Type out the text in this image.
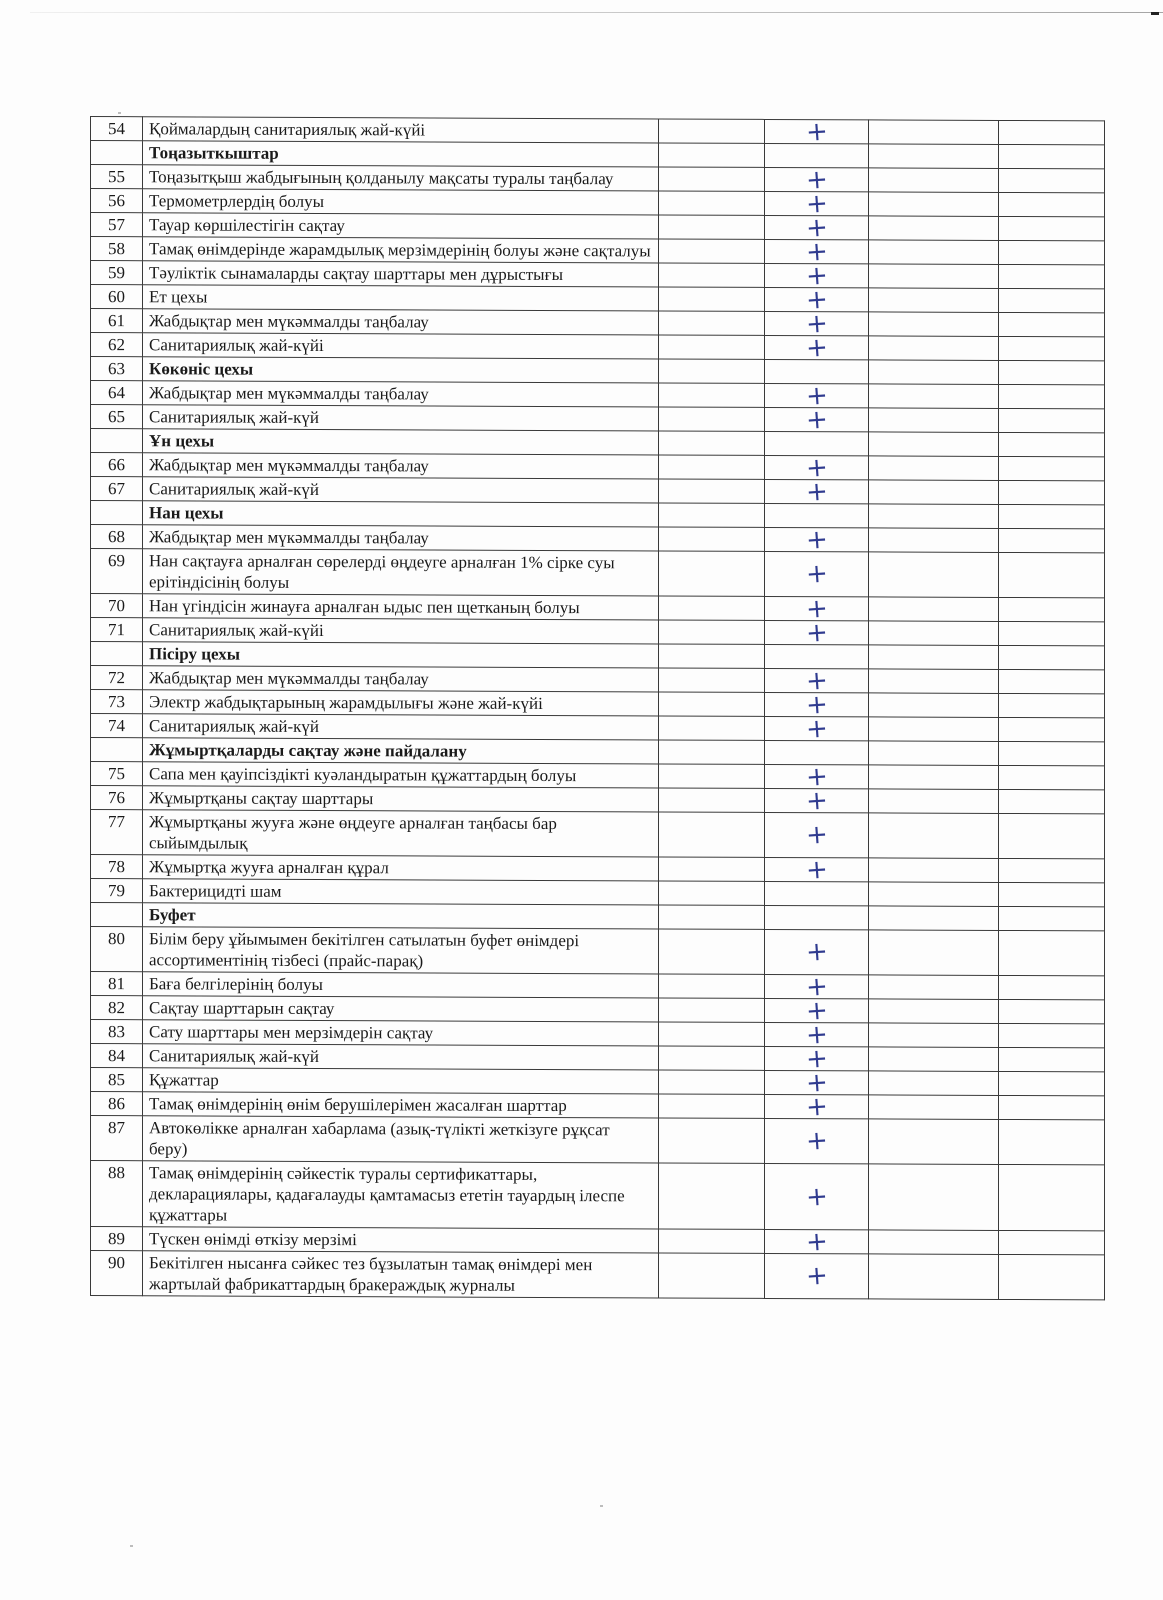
54	Қоймалардың санитариялық жай-күйі		+		
	Тоңазыткыштар				
55	Тоңазытқыш жабдығының қолданылу мақсаты туралы таңбалау		+		
56	Термометрлердің болуы		+		
57	Тауар көршілестігін сақтау		+		
58	Тамақ өнімдерінде жарамдылық мерзімдерінің болуы және сақталуы		+		
59	Тәуліктік сынамаларды сақтау шарттары мен дұрыстығы		+		
60	Ет цехы		+		
61	Жабдықтар мен мүкәммалды таңбалау		+		
62	Санитариялық жай-күйі		+		
63	Көкөніс цехы				
64	Жабдықтар мен мүкәммалды таңбалау		+		
65	Санитариялық жай-күй		+		
	Ұн цехы				
66	Жабдықтар мен мүкәммалды таңбалау		+		
67	Санитариялық жай-күй		+		
	Нан цехы				
68	Жабдықтар мен мүкәммалды таңбалау		+		
69	Нан сақтауға арналған сөрелерді өңдеуге арналған 1% сірке суы ерітіндісінің болуы		+		
70	Нан үгіндісін жинауға арналған ыдыс пен щетканың болуы		+		
71	Санитариялық жай-күйі		+		
	Пісіру цехы				
72	Жабдықтар мен мүкәммалды таңбалау		+		
73	Электр жабдықтарының жарамдылығы және жай-күйі		+		
74	Санитариялық жай-күй		+		
	Жұмыртқаларды сақтау және пайдалану				
75	Сапа мен қауіпсіздікті куәландыратын құжаттардың болуы		+		
76	Жұмыртқаны сақтау шарттары		+		
77	Жұмыртқаны жууға және өңдеуге арналған таңбасы бар сыйымдылық		+		
78	Жұмыртқа жууға арналған құрал		+		
79	Бактерицидті шам				
	Буфет				
80	Білім беру ұйымымен бекітілген сатылатын буфет өнімдері ассортиментінің тізбесі (прайс-парақ)		+		
81	Баға белгілерінің болуы		+		
82	Сақтау шарттарын сақтау		+		
83	Сату шарттары мен мерзімдерін сақтау		+		
84	Санитариялық жай-күй		+		
85	Құжаттар		+		
86	Тамақ өнімдерінің өнім берушілерімен жасалған шарттар		+		
87	Автокөлікке арналған хабарлама (азық-түлікті жеткізуге рұқсат беру)		+		
88	Тамақ өнімдерінің сәйкестік туралы сертификаттары, декларациялары, қадағалауды қамтамасыз ететін тауардың ілеспе құжаттары		+		
89	Түскен өнімді өткізу мерзімі		+		
90	Бекітілген нысанға сәйкес тез бұзылатын тамақ өнімдері мен жартылай фабрикаттардың бракераждық журналы		+		
